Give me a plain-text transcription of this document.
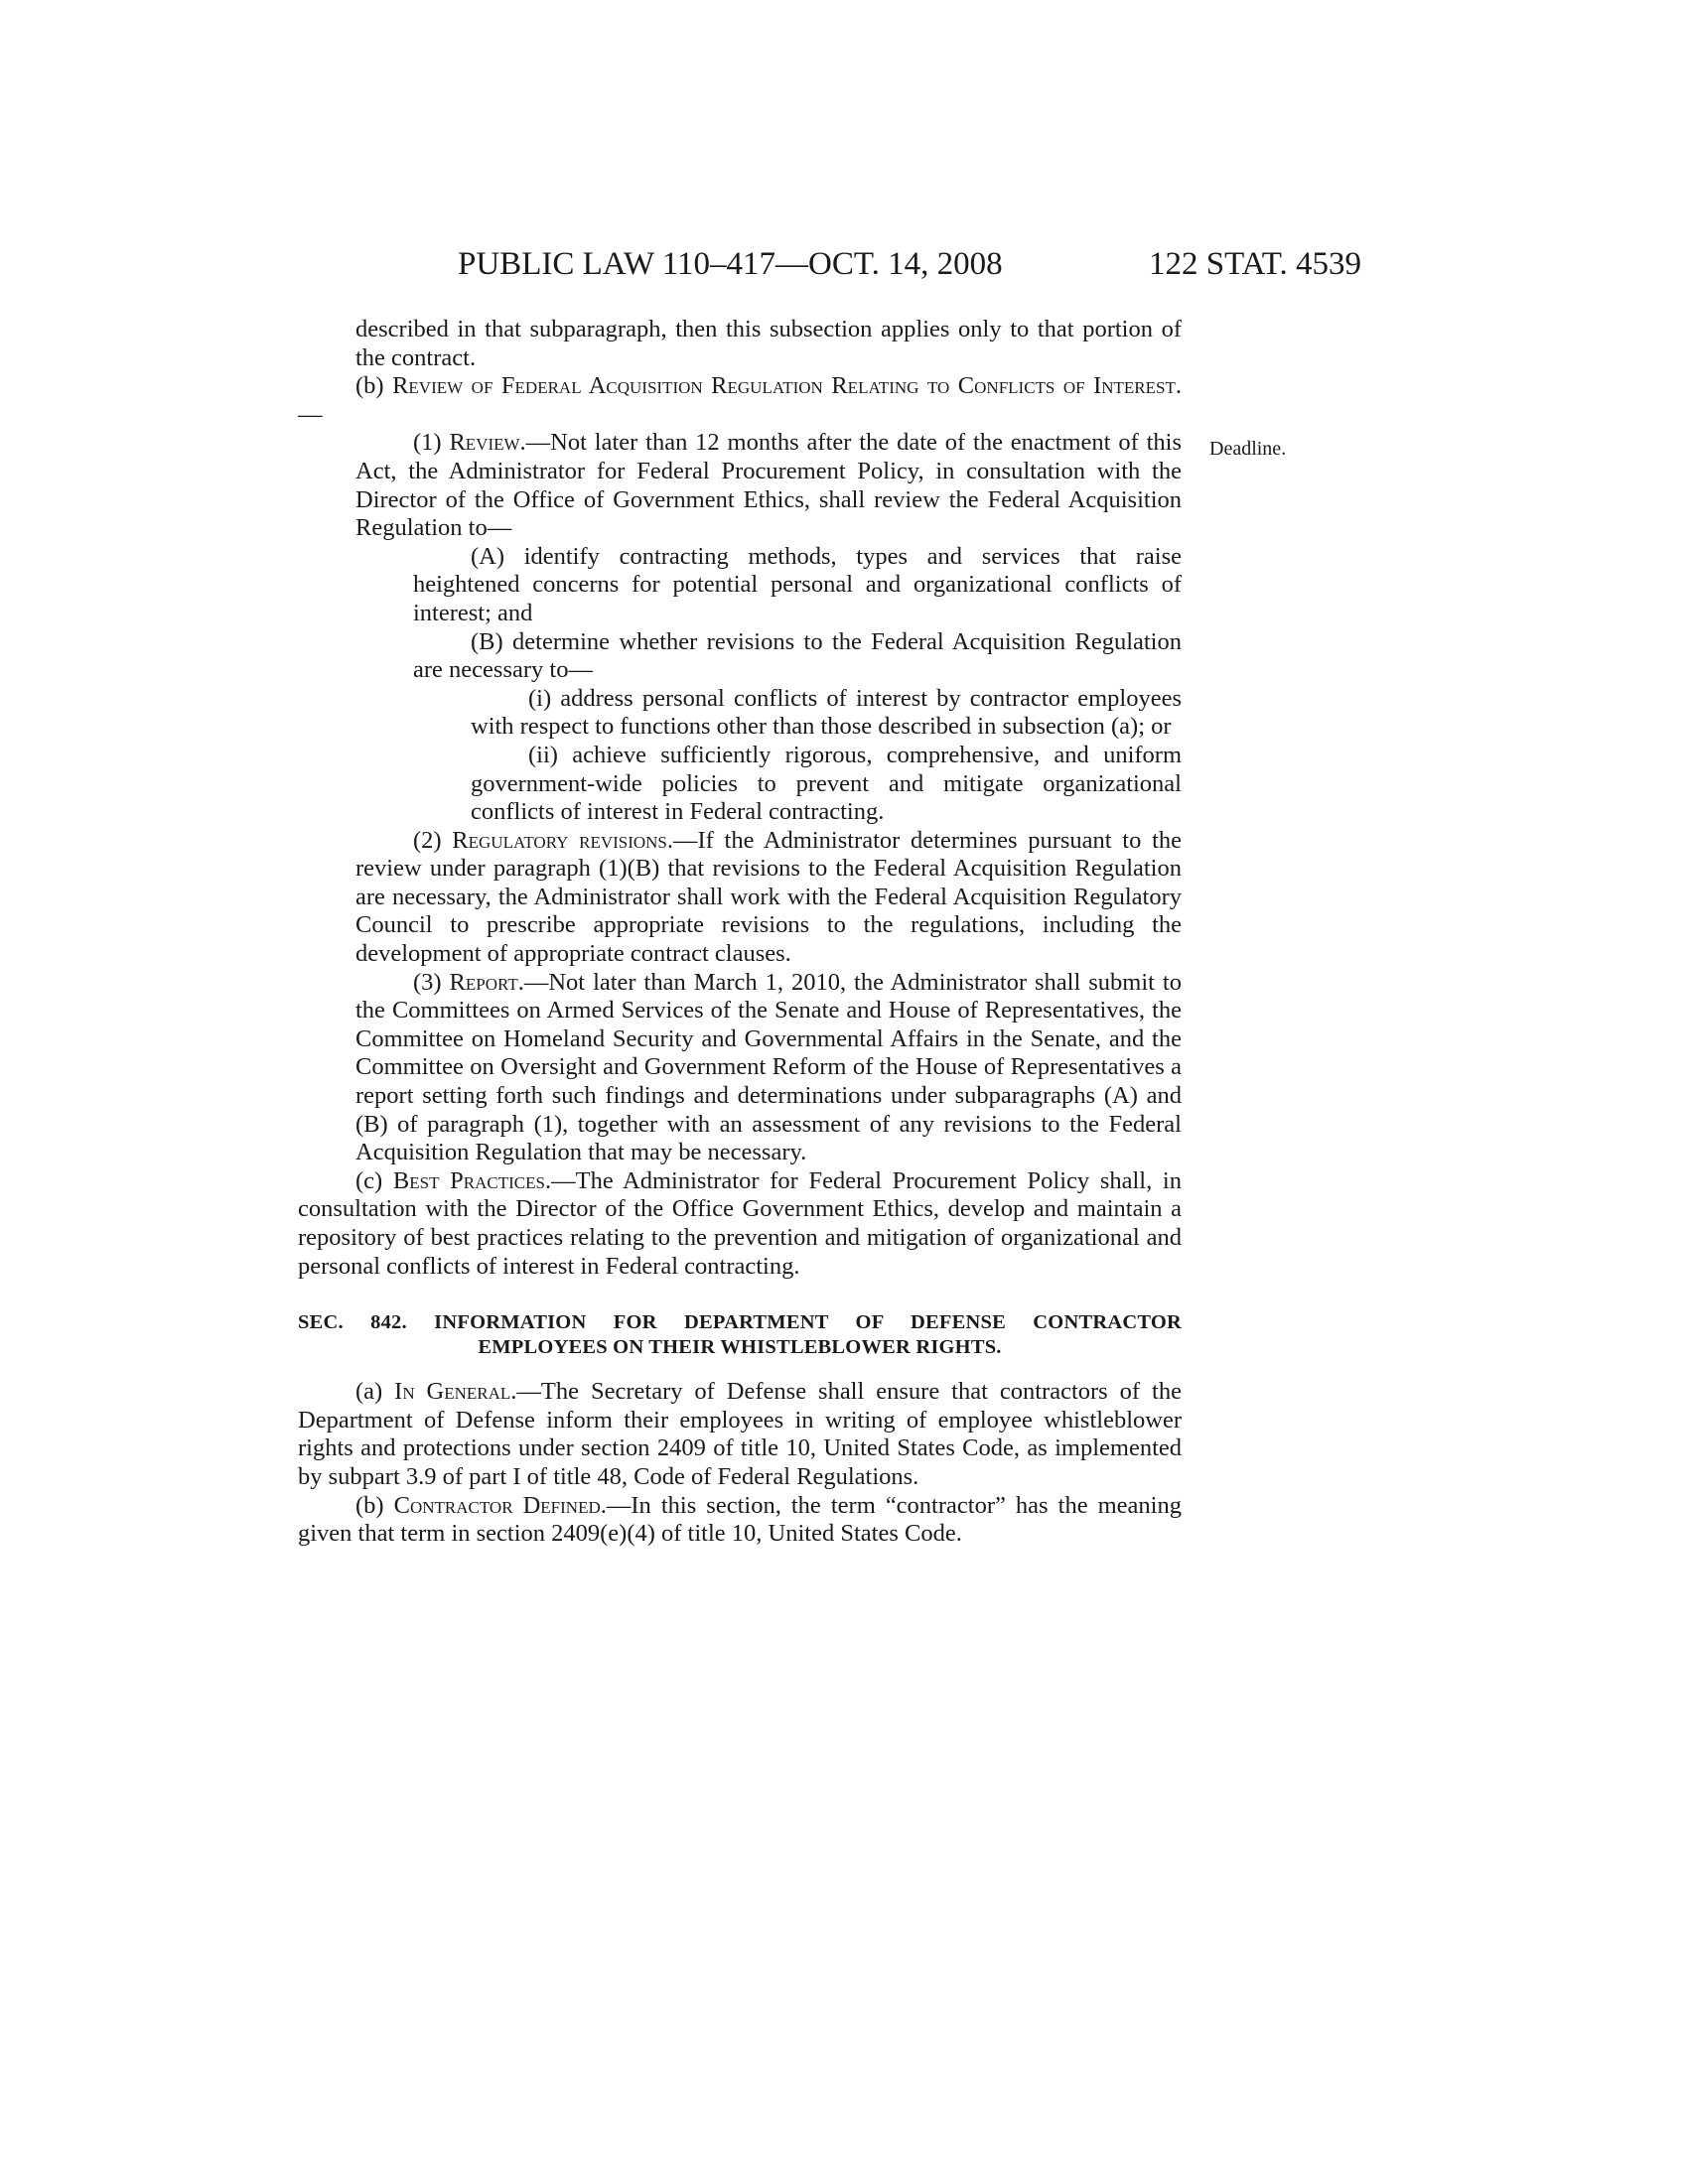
PUBLIC LAW 110–417—OCT. 14, 2008	122 STAT. 4539
Deadline.

described in that subparagraph, then this subsection applies only to that portion of the contract.

(b) Review of Federal Acquisition Regulation Relating to Conflicts of Interest.—

(1) Review.—Not later than 12 months after the date of the enactment of this Act, the Administrator for Federal Procurement Policy, in consultation with the Director of the Office of Government Ethics, shall review the Federal Acquisition Regulation to—

(A) identify contracting methods, types and services that raise heightened concerns for potential personal and organizational conflicts of interest; and

(B) determine whether revisions to the Federal Acquisition Regulation are necessary to—

(i) address personal conflicts of interest by contractor employees with respect to functions other than those described in subsection (a); or

(ii) achieve sufficiently rigorous, comprehensive, and uniform government-wide policies to prevent and mitigate organizational conflicts of interest in Federal contracting.

(2) Regulatory revisions.—If the Administrator determines pursuant to the review under paragraph (1)(B) that revisions to the Federal Acquisition Regulation are necessary, the Administrator shall work with the Federal Acquisition Regulatory Council to prescribe appropriate revisions to the regulations, including the development of appropriate contract clauses.

(3) Report.—Not later than March 1, 2010, the Administrator shall submit to the Committees on Armed Services of the Senate and House of Representatives, the Committee on Homeland Security and Governmental Affairs in the Senate, and the Committee on Oversight and Government Reform of the House of Representatives a report setting forth such findings and determinations under subparagraphs (A) and (B) of paragraph (1), together with an assessment of any revisions to the Federal Acquisition Regulation that may be necessary.

(c) Best Practices.—The Administrator for Federal Procurement Policy shall, in consultation with the Director of the Office Government Ethics, develop and maintain a repository of best practices relating to the prevention and mitigation of organizational and personal conflicts of interest in Federal contracting.

SEC. 842. INFORMATION FOR DEPARTMENT OF DEFENSE CONTRACTOR
EMPLOYEES ON THEIR WHISTLEBLOWER RIGHTS.

(a) In General.—The Secretary of Defense shall ensure that contractors of the Department of Defense inform their employees in writing of employee whistleblower rights and protections under section 2409 of title 10, United States Code, as implemented by subpart 3.9 of part I of title 48, Code of Federal Regulations.

(b) Contractor Defined.—In this section, the term “contractor” has the meaning given that term in section 2409(e)(4) of title 10, United States Code.
